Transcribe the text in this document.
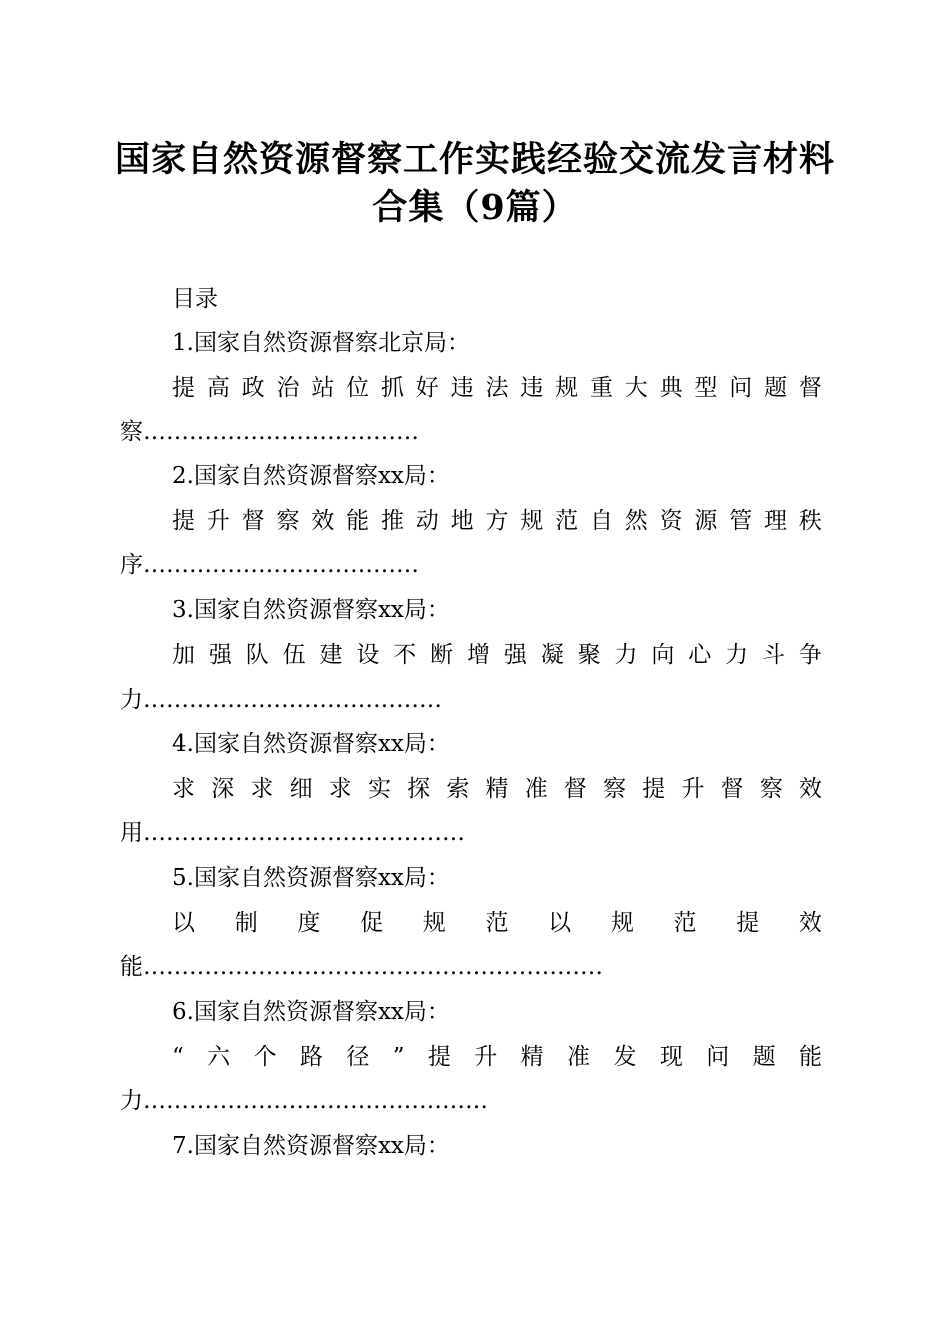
国家自然资源督察工作实践经验交流发言材料
合集（9篇）
目录
1.国家自然资源督察北京局：
提 高 政 治 站 位 抓 好 违 法 违 规 重 大 典 型 问 题 督
察………………………………
2.国家自然资源督察xx局：
提 升 督 察 效 能 推 动 地 方 规 范 自 然 资 源 管 理 秩
序………………………………
3.国家自然资源督察xx局：
加 强 队 伍 建 设 不 断 增 强 凝 聚 力 向 心 力 斗 争
力…………………………………
4.国家自然资源督察xx局：
求 深 求 细 求 实 探 索 精 准 督 察 提 升 督 察 效
用……………………………………
5.国家自然资源督察xx局：
以 制 度 促 规 范 以 规 范 提 效
能……………………………………………………
6.国家自然资源督察xx局：
“ 六 个 路 径 ” 提 升 精 准 发 现 问 题 能
力………………………………………
7.国家自然资源督察xx局：
